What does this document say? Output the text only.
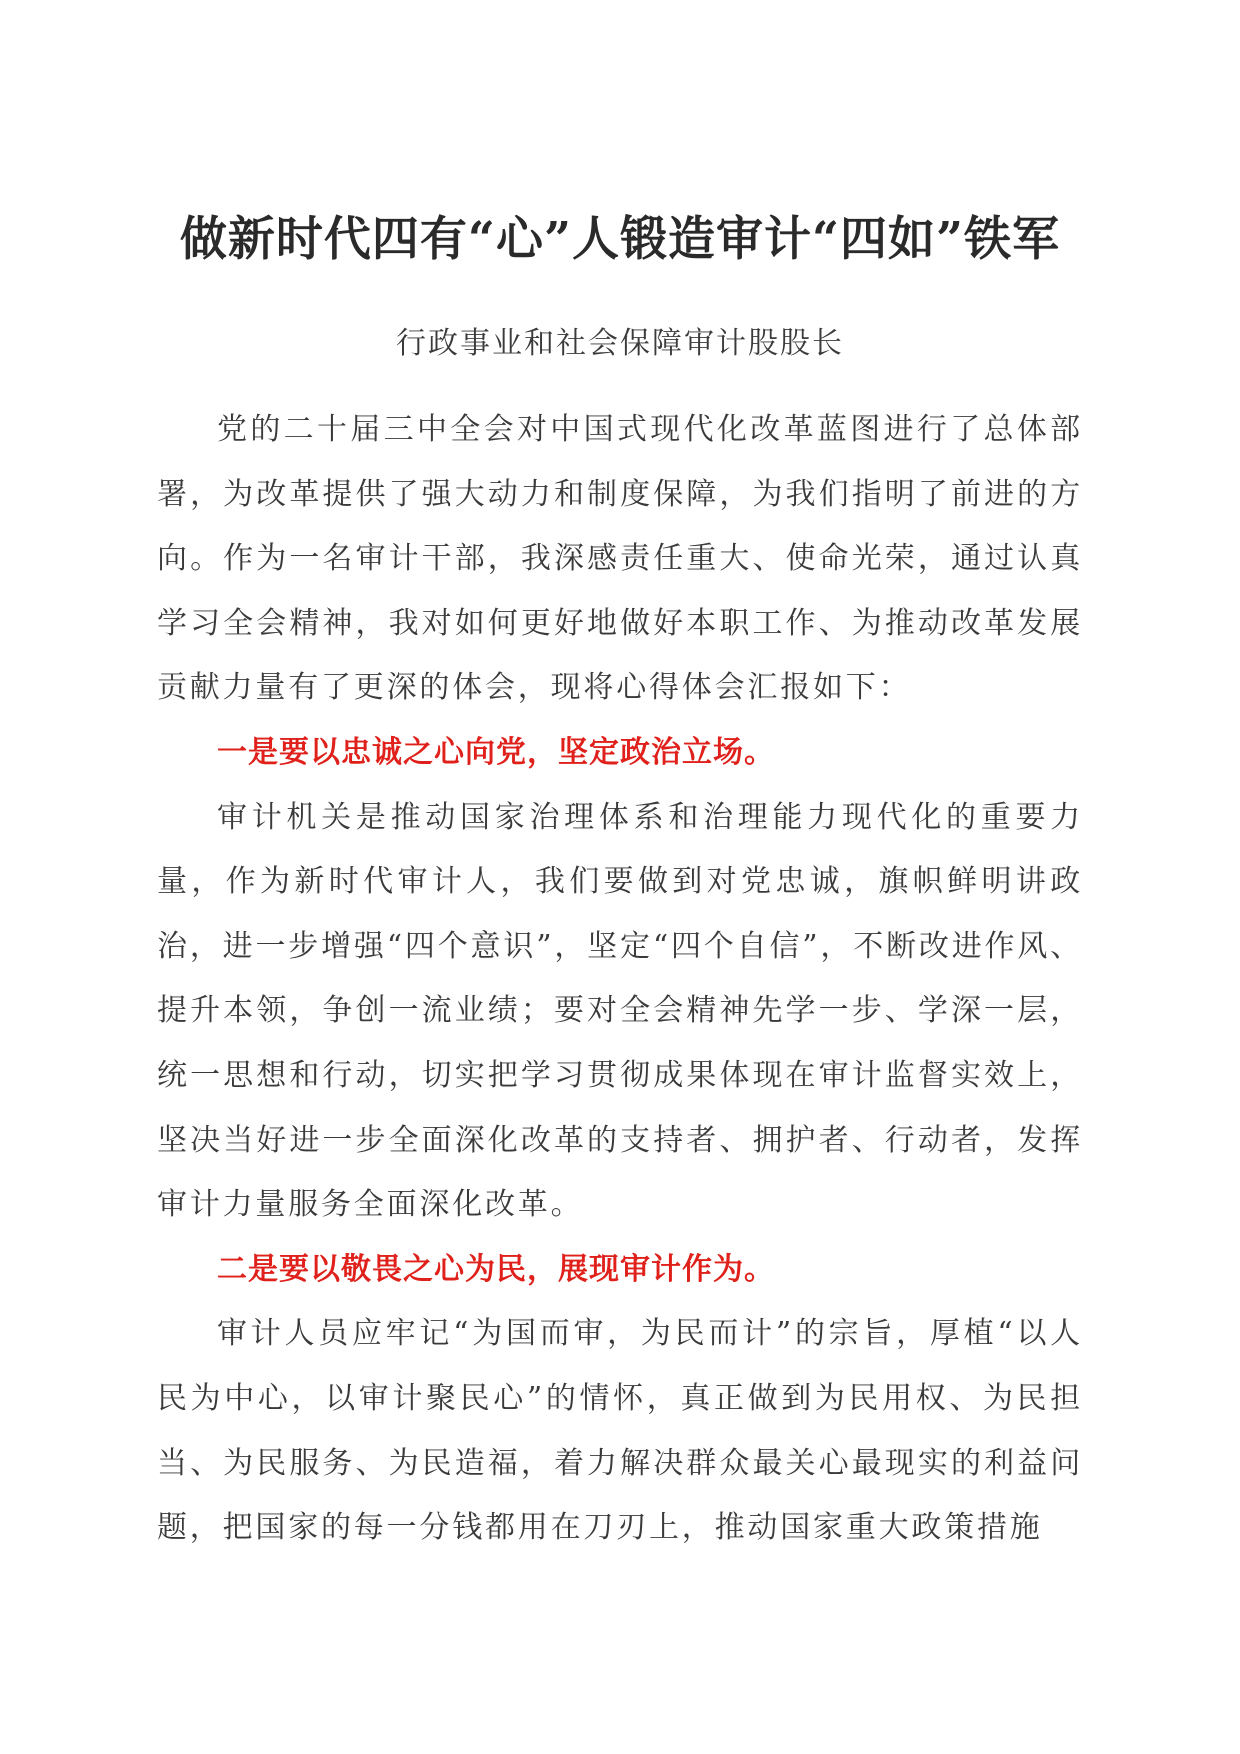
做新时代四有“心”人锻造审计“四如”铁军
行政事业和社会保障审计股股长

党的二十届三中全会对中国式现代化改革蓝图进行了总体部署，为改革提供了强大动力和制度保障，为我们指明了前进的方向。作为一名审计干部，我深感责任重大、使命光荣，通过认真学习全会精神，我对如何更好地做好本职工作、为推动改革发展贡献力量有了更深的体会，现将心得体会汇报如下：

一是要以忠诚之心向党，坚定政治立场。

审计机关是推动国家治理体系和治理能力现代化的重要力量，作为新时代审计人，我们要做到对党忠诚，旗帜鲜明讲政治，进一步增强“四个意识”，坚定“四个自信”，不断改进作风、提升本领，争创一流业绩；要对全会精神先学一步、学深一层，统一思想和行动，切实把学习贯彻成果体现在审计监督实效上，坚决当好进一步全面深化改革的支持者、拥护者、行动者，发挥审计力量服务全面深化改革。

二是要以敬畏之心为民，展现审计作为。

审计人员应牢记“为国而审，为民而计”的宗旨，厚植“以人民为中心，以审计聚民心”的情怀，真正做到为民用权、为民担当、为民服务、为民造福，着力解决群众最关心最现实的利益问题，把国家的每一分钱都用在刀刃上，推动国家重大政策措施
